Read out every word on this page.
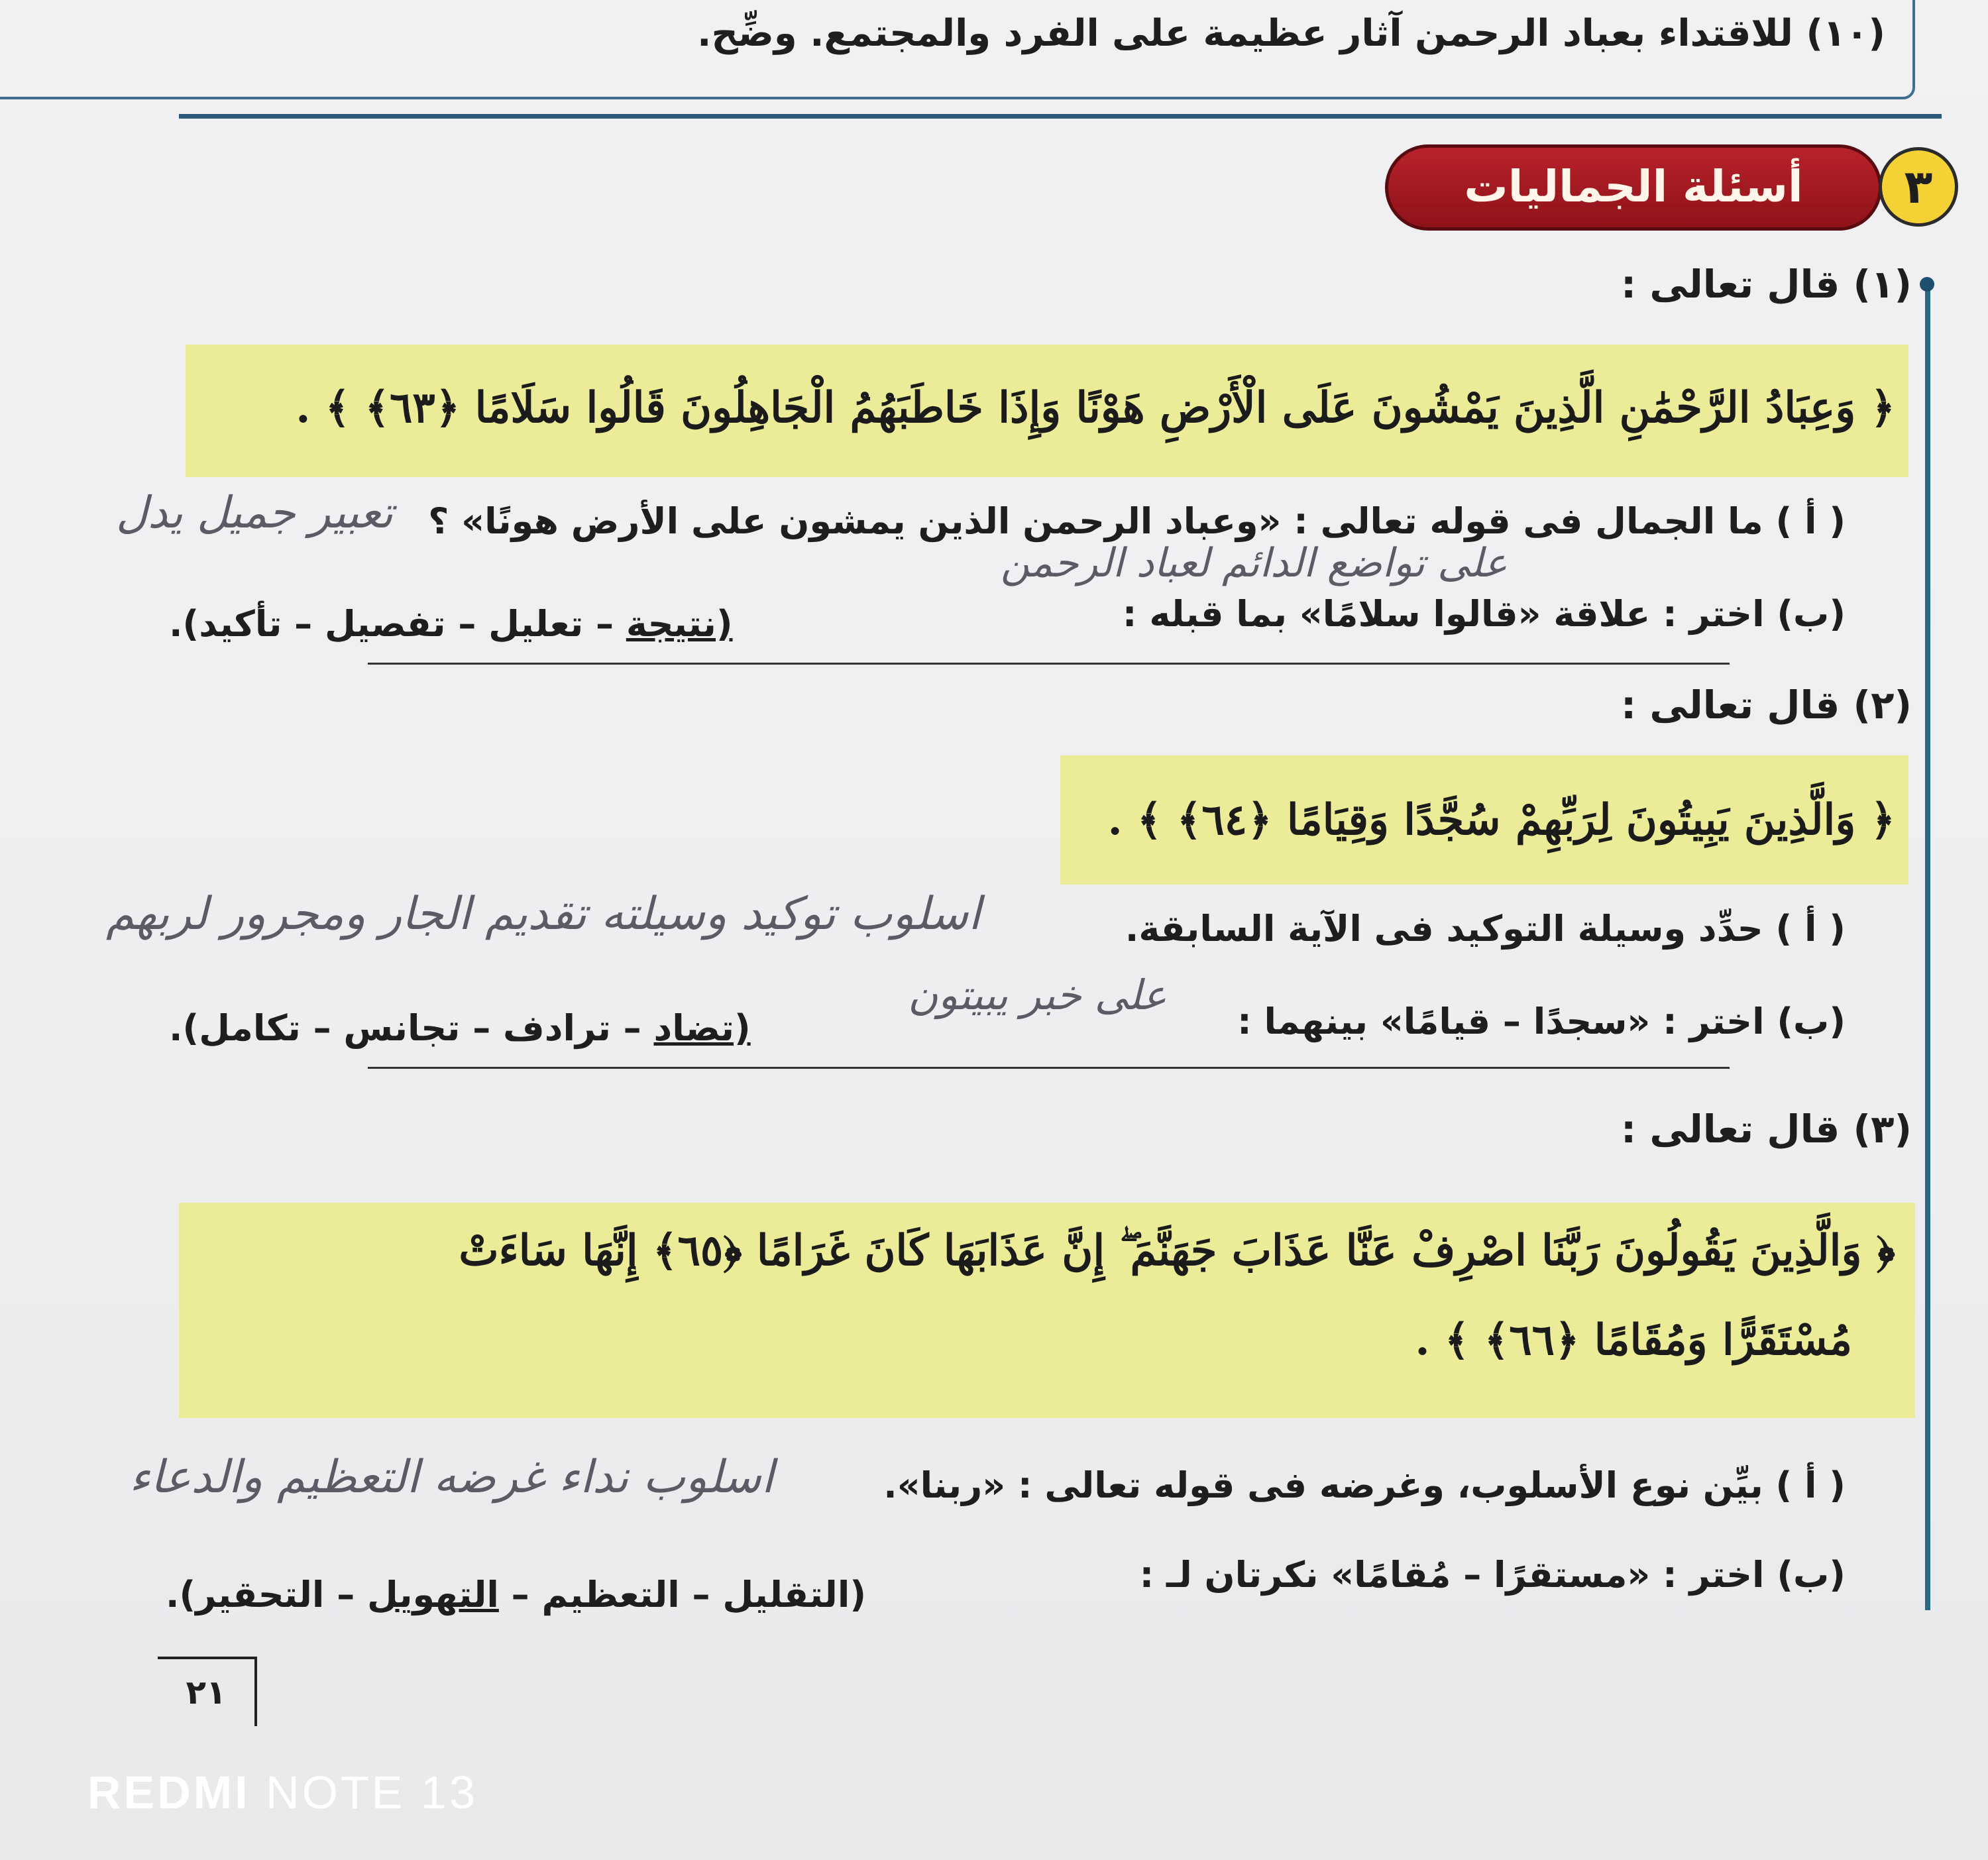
(١٠) للاقتداء بعباد الرحمن آثار عظيمة على الفرد والمجتمع. وضِّح.
أسئلة الجماليات	٣
(١) قال تعالى :
﴿ وَعِبَادُ الرَّحْمَٰنِ الَّذِينَ يَمْشُونَ عَلَى الْأَرْضِ هَوْنًا وَإِذَا خَاطَبَهُمُ الْجَاهِلُونَ قَالُوا سَلَامًا ﴿٦٣﴾ ﴾ .
( أ ) ما الجمال فى قوله تعالى : «وعباد الرحمن الذين يمشون على الأرض هونًا» ؟
تعبير جميل يدل
على تواضع الدائم لعباد الرحمن
(ب) اختر : علاقة «قالوا سلامًا» بما قبله :
(نتيجة – تعليل – تفصيل – تأكيد).
(٢) قال تعالى :
﴿ وَالَّذِينَ يَبِيتُونَ لِرَبِّهِمْ سُجَّدًا وَقِيَامًا ﴿٦٤﴾ ﴾ .
( أ ) حدِّد وسيلة التوكيد فى الآية السابقة.
اسلوب توكيد وسيلته تقديم الجار ومجرور لربهم
على خبر يبيتون
(ب) اختر : «سجدًا – قيامًا» بينهما :
(تضاد – ترادف – تجانس – تكامل).
(٣) قال تعالى :
﴿ وَالَّذِينَ يَقُولُونَ رَبَّنَا اصْرِفْ عَنَّا عَذَابَ جَهَنَّمَ ۖ إِنَّ عَذَابَهَا كَانَ غَرَامًا ﴿٦٥﴾ إِنَّهَا سَاءَتْ
مُسْتَقَرًّا وَمُقَامًا ﴿٦٦﴾ ﴾ .
( أ ) بيِّن نوع الأسلوب، وغرضه فى قوله تعالى : «ربنا».
اسلوب نداء غرضه التعظيم والدعاء
(ب) اختر : «مستقرًا – مُقامًا» نكرتان لـ :
(التقليل – التعظيم – التهويل – التحقير).
٢١
REDMI NOTE 13
